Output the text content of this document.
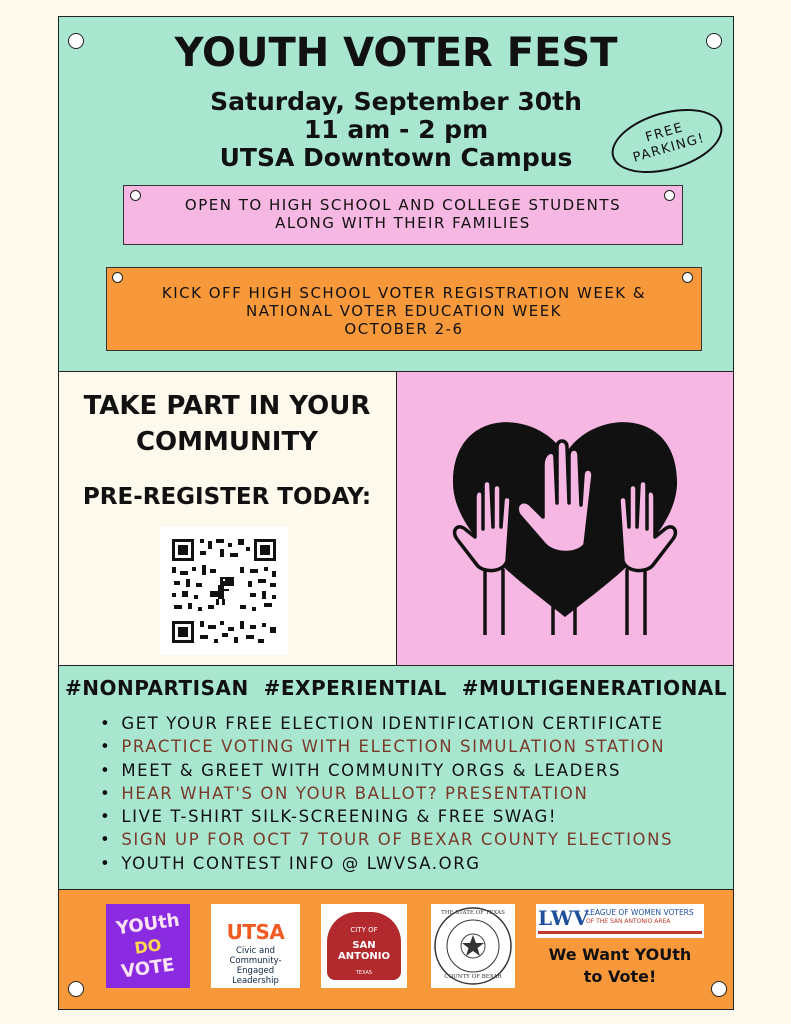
YOUTH VOTER FEST
Saturday, September 30th
11 am - 2 pm
UTSA Downtown Campus
FREE PARKING!
OPEN TO HIGH SCHOOL AND COLLEGE STUDENTS
ALONG WITH THEIR FAMILIES
KICK OFF HIGH SCHOOL VOTER REGISTRATION WEEK &
NATIONAL VOTER EDUCATION WEEK
OCTOBER 2-6
TAKE PART IN YOUR
COMMUNITY
PRE-REGISTER TODAY:
#NONPARTISAN  #EXPERIENTIAL  #MULTIGENERATIONAL
• GET YOUR FREE ELECTION IDENTIFICATION CERTIFICATE
• PRACTICE VOTING WITH ELECTION SIMULATION STATION
• MEET & GREET WITH COMMUNITY ORGS & LEADERS
• HEAR WHAT'S ON YOUR BALLOT? PRESENTATION
• LIVE T-SHIRT SILK-SCREENING & FREE SWAG!
• SIGN UP FOR OCT 7 TOUR OF BEXAR COUNTY ELECTIONS
• YOUTH CONTEST INFO @ LWVSA.ORG
YOUth
DO
VOTE
UTSA
Civic and
Community-Engaged
Leadership
CITY OF
SAN ANTONIO
TEXAS
THE STATE OF TEXAS
COUNTY OF BEXAR
LWV
LEAGUE OF WOMEN VOTERS
OF THE SAN ANTONIO AREA
We Want YOUth
to Vote!
